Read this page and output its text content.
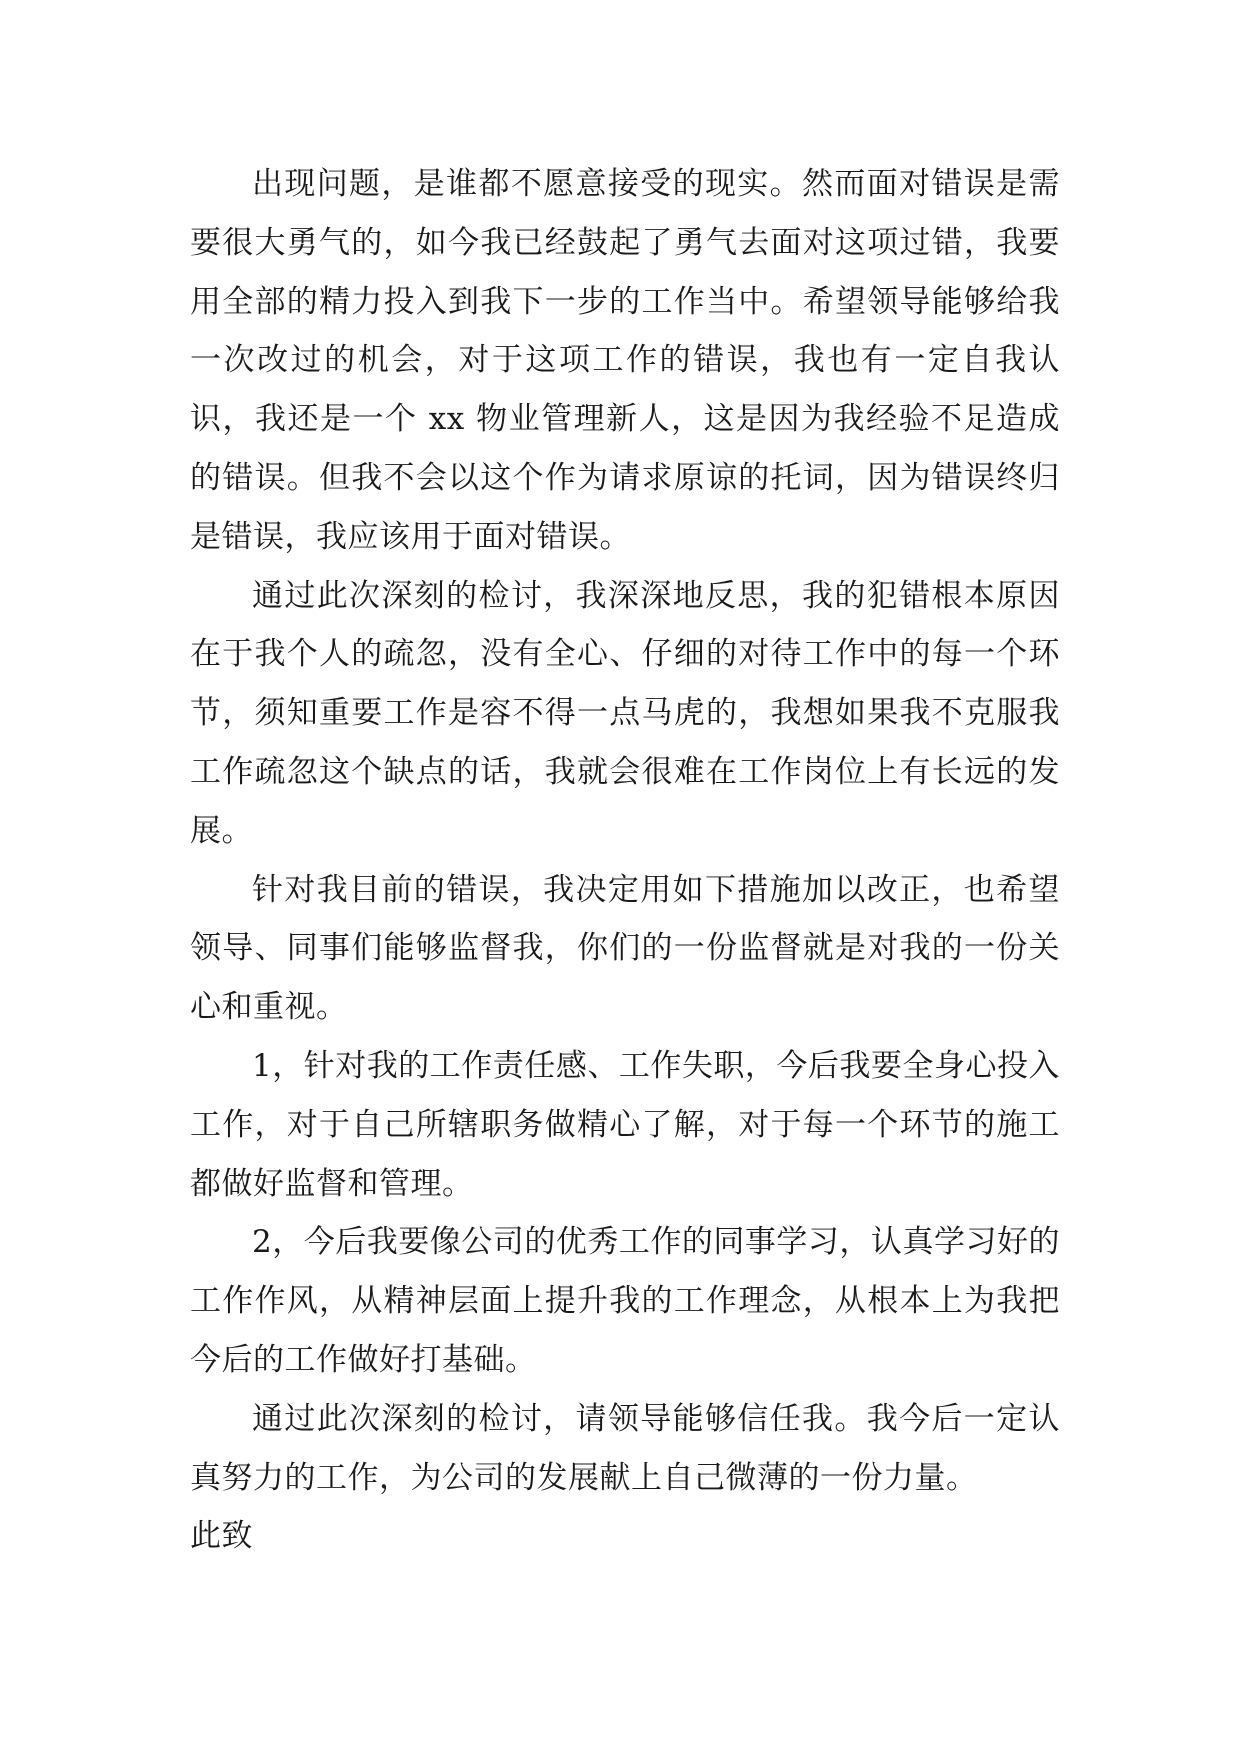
出现问题，是谁都不愿意接受的现实。然而面对错误是需要很大勇气的，如今我已经鼓起了勇气去面对这项过错，我要用全部的精力投入到我下一步的工作当中。希望领导能够给我一次改过的机会，对于这项工作的错误，我也有一定自我认识，我还是一个 xx 物业管理新人，这是因为我经验不足造成的错误。但我不会以这个作为请求原谅的托词，因为错误终归是错误，我应该用于面对错误。

通过此次深刻的检讨，我深深地反思，我的犯错根本原因在于我个人的疏忽，没有全心、仔细的对待工作中的每一个环节，须知重要工作是容不得一点马虎的，我想如果我不克服我工作疏忽这个缺点的话，我就会很难在工作岗位上有长远的发展。

针对我目前的错误，我决定用如下措施加以改正，也希望领导、同事们能够监督我，你们的一份监督就是对我的一份关心和重视。

1，针对我的工作责任感、工作失职，今后我要全身心投入工作，对于自己所辖职务做精心了解，对于每一个环节的施工都做好监督和管理。

2，今后我要像公司的优秀工作的同事学习，认真学习好的工作作风，从精神层面上提升我的工作理念，从根本上为我把今后的工作做好打基础。

通过此次深刻的检讨，请领导能够信任我。我今后一定认真努力的工作，为公司的发展献上自己微薄的一份力量。

此致
